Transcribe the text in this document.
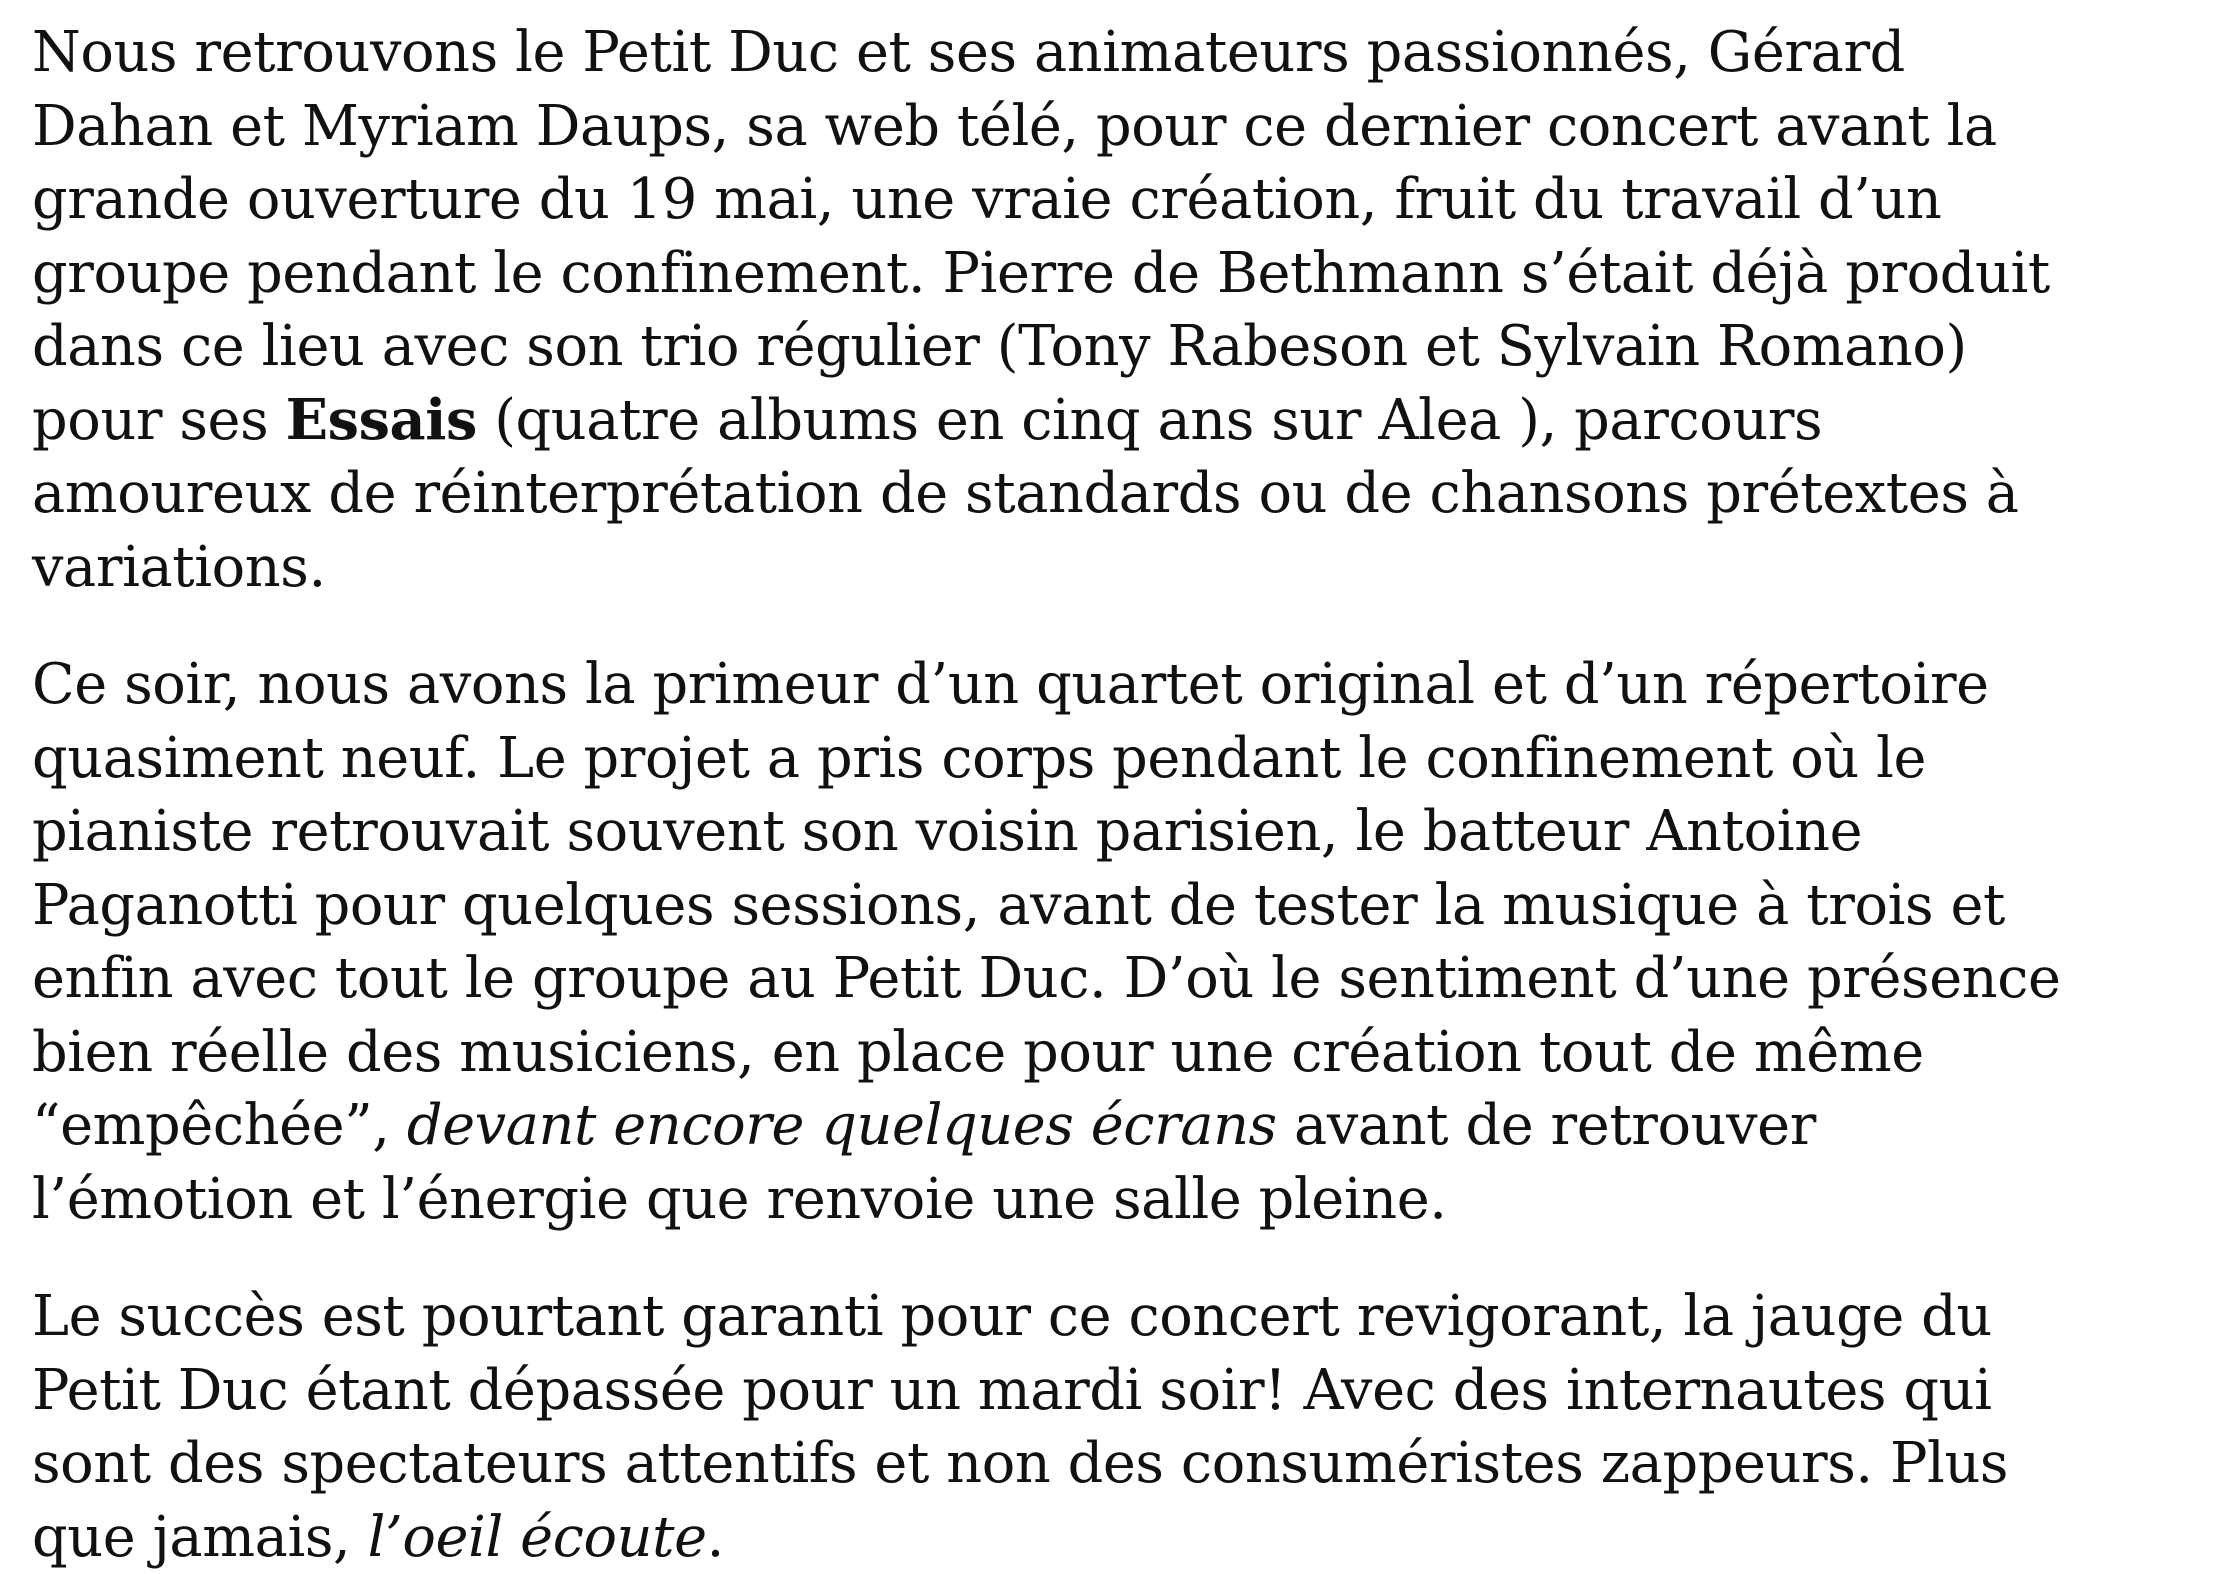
Nous retrouvons le Petit Duc et ses animateurs passionnés, Gérard
Dahan et Myriam Daups, sa web télé, pour ce dernier concert avant la
grande ouverture du 19 mai, une vraie création, fruit du travail d’un
groupe pendant le confinement. Pierre de Bethmann s’était déjà produit
dans ce lieu avec son trio régulier (Tony Rabeson et Sylvain Romano)
pour ses Essais (quatre albums en cinq ans sur Alea ), parcours
amoureux de réinterprétation de standards ou de chansons prétextes à
variations.

Ce soir, nous avons la primeur d’un quartet original et d’un répertoire
quasiment neuf. Le projet a pris corps pendant le confinement où le
pianiste retrouvait souvent son voisin parisien, le batteur Antoine
Paganotti pour quelques sessions, avant de tester la musique à trois et
enfin avec tout le groupe au Petit Duc. D’où le sentiment d’une présence
bien réelle des musiciens, en place pour une création tout de même
“empêchée”, devant encore quelques écrans avant de retrouver
l’émotion et l’énergie que renvoie une salle pleine.

Le succès est pourtant garanti pour ce concert revigorant, la jauge du
Petit Duc étant dépassée pour un mardi soir! Avec des internautes qui
sont des spectateurs attentifs et non des consuméristes zappeurs. Plus
que jamais, l’oeil écoute.
